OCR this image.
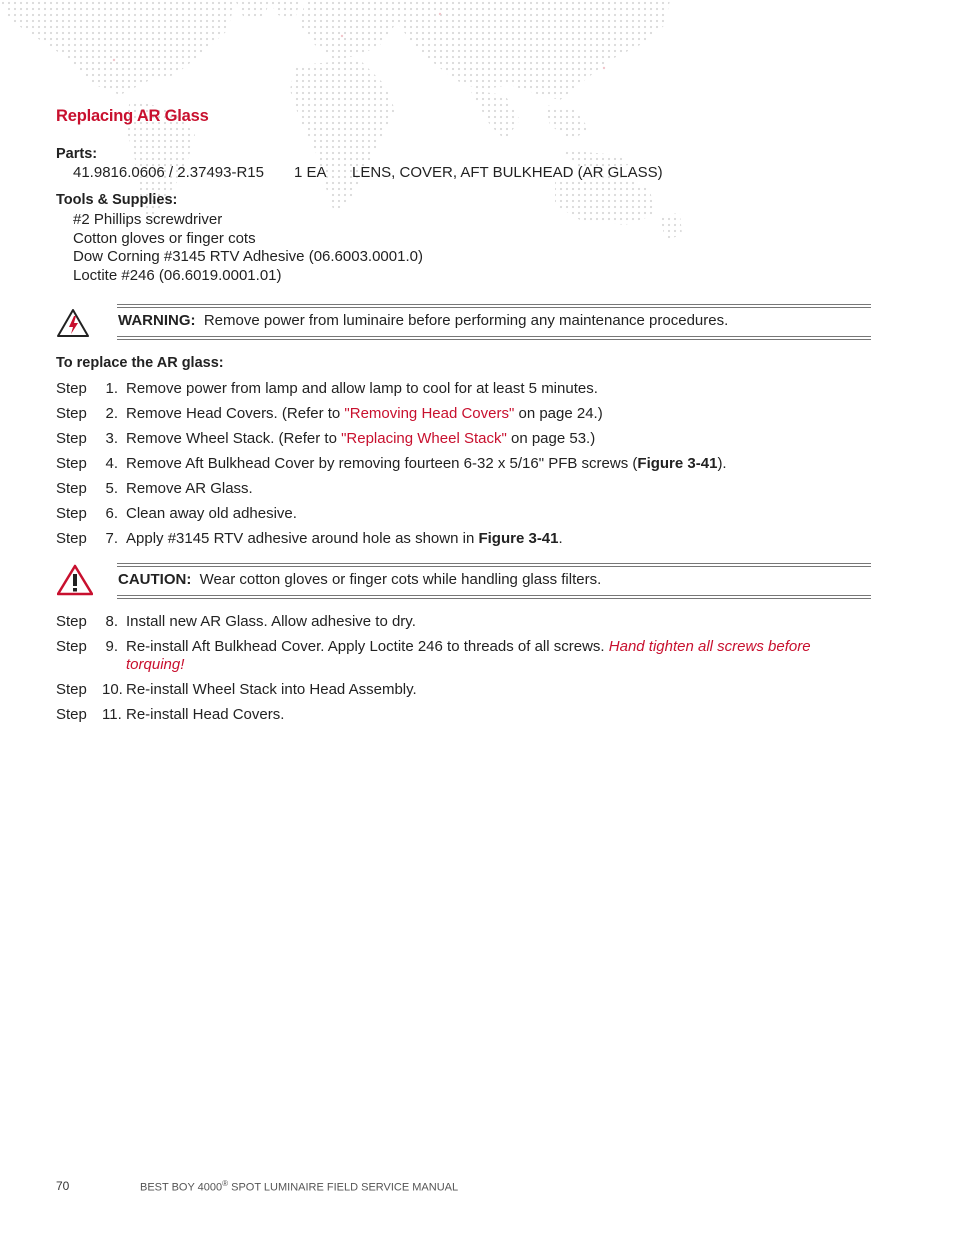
Replacing AR Glass
Parts:
41.9816.0606 / 2.37493-R15 1 EA LENS, COVER, AFT BULKHEAD (AR GLASS)
Tools & Supplies:
#2 Phillips screwdriver
Cotton gloves or finger cots
Dow Corning #3145 RTV Adhesive (06.6003.0001.0)
Loctite #246 (06.6019.0001.01)
WARNING: Remove power from luminaire before performing any maintenance procedures.
To replace the AR glass:
Step 1. Remove power from lamp and allow lamp to cool for at least 5 minutes.
Step 2. Remove Head Covers. (Refer to "Removing Head Covers" on page 24.)
Step 3. Remove Wheel Stack. (Refer to "Replacing Wheel Stack" on page 53.)
Step 4. Remove Aft Bulkhead Cover by removing fourteen 6-32 x 5/16" PFB screws (Figure 3-41).
Step 5. Remove AR Glass.
Step 6. Clean away old adhesive.
Step 7. Apply #3145 RTV adhesive around hole as shown in Figure 3-41.
CAUTION: Wear cotton gloves or finger cots while handling glass filters.
Step 8. Install new AR Glass. Allow adhesive to dry.
Step 9. Re-install Aft Bulkhead Cover. Apply Loctite 246 to threads of all screws. Hand tighten all screws before torquing!
Step 10. Re-install Wheel Stack into Head Assembly.
Step 11. Re-install Head Covers.
70	BEST BOY 4000® SPOT LUMINAIRE FIELD SERVICE MANUAL
